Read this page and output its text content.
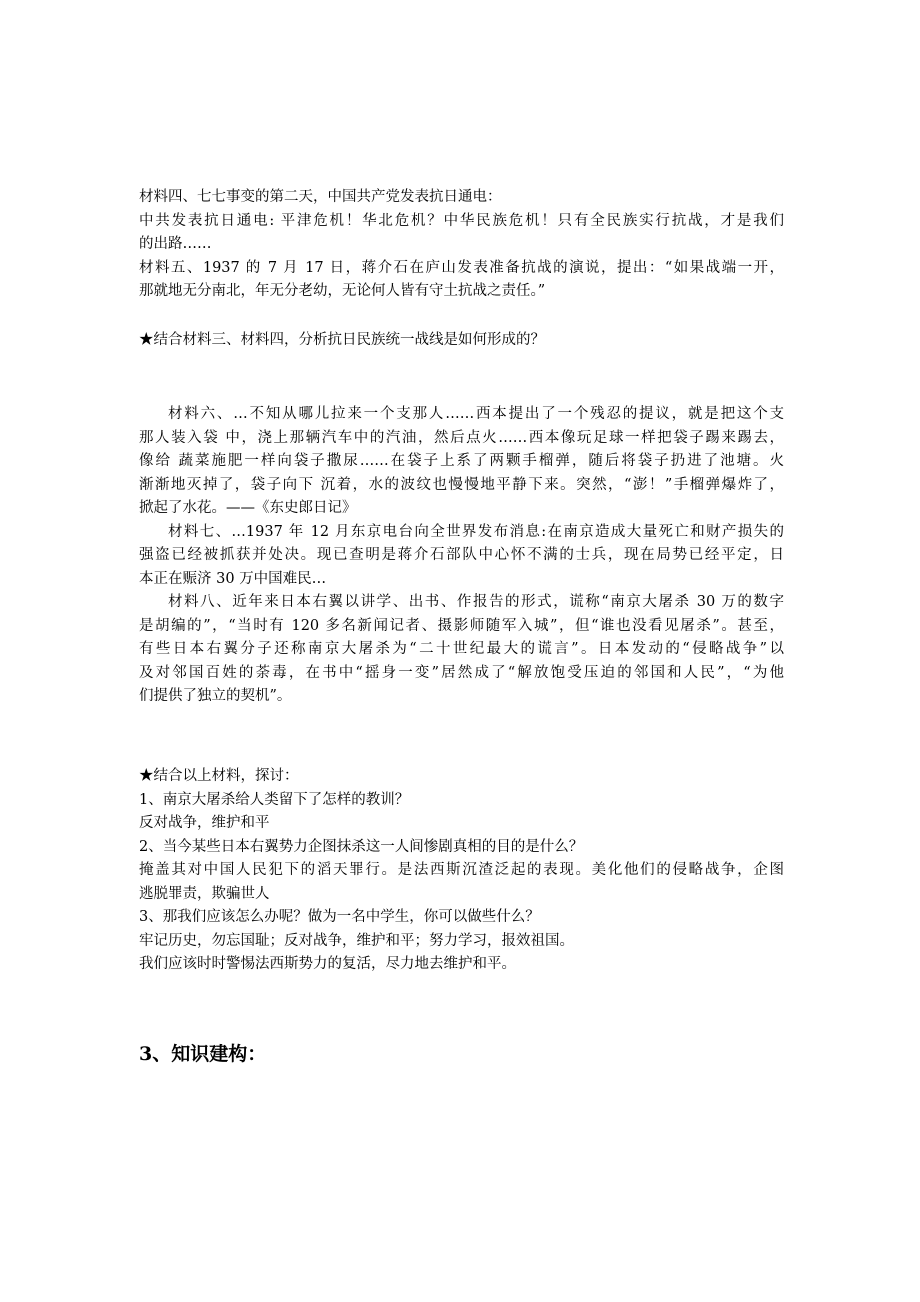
材料四、七七事变的第二天，中国共产党发表抗日通电：
中共发表抗日通电: 平津危机！华北危机？中华民族危机！只有全民族实行抗战，才是我们
的出路……
材料五、1937 的 7 月 17 日，蒋介石在庐山发表准备抗战的演说，提出：“如果战端一开，
那就地无分南北，年无分老幼，无论何人皆有守土抗战之责任。”
★结合材料三、材料四，分析抗日民族统一战线是如何形成的？
材料六、…不知从哪儿拉来一个支那人……西本提出了一个残忍的提议，就是把这个支
那人装入袋 中，浇上那辆汽车中的汽油，然后点火……西本像玩足球一样把袋子踢来踢去，
像给 蔬菜施肥一样向袋子撒尿……在袋子上系了两颗手榴弹，随后将袋子扔进了池塘。火
渐渐地灭掉了，袋子向下 沉着，水的波纹也慢慢地平静下来。突然，“澎！”手榴弹爆炸了，
掀起了水花。——《东史郎日记》
材料七、…1937 年 12 月东京电台向全世界发布消息:在南京造成大量死亡和财产损失的
强盗已经被抓获并处决。现已查明是蒋介石部队中心怀不满的士兵，现在局势已经平定，日
本正在赈济 30 万中国难民…
材料八、近年来日本右翼以讲学、出书、作报告的形式，谎称“南京大屠杀 30 万的数字
是胡编的”，“当时有 120 多名新闻记者、摄影师随军入城”，但“谁也没看见屠杀”。甚至，
有些日本右翼分子还称南京大屠杀为“二十世纪最大的谎言”。日本发动的“侵略战争”以
及对邻国百姓的荼毒，在书中“摇身一变”居然成了“解放饱受压迫的邻国和人民”，“为他
们提供了独立的契机”。
★结合以上材料，探讨：
1、南京大屠杀给人类留下了怎样的教训？
反对战争，维护和平
2、当今某些日本右翼势力企图抹杀这一人间惨剧真相的目的是什么？
掩盖其对中国人民犯下的滔天罪行。是法西斯沉渣泛起的表现。美化他们的侵略战争，企图
逃脱罪责，欺骗世人
3、那我们应该怎么办呢？做为一名中学生，你可以做些什么？
牢记历史，勿忘国耻；反对战争，维护和平；努力学习，报效祖国。
我们应该时时警惕法西斯势力的复活，尽力地去维护和平。
3、知识建构：
